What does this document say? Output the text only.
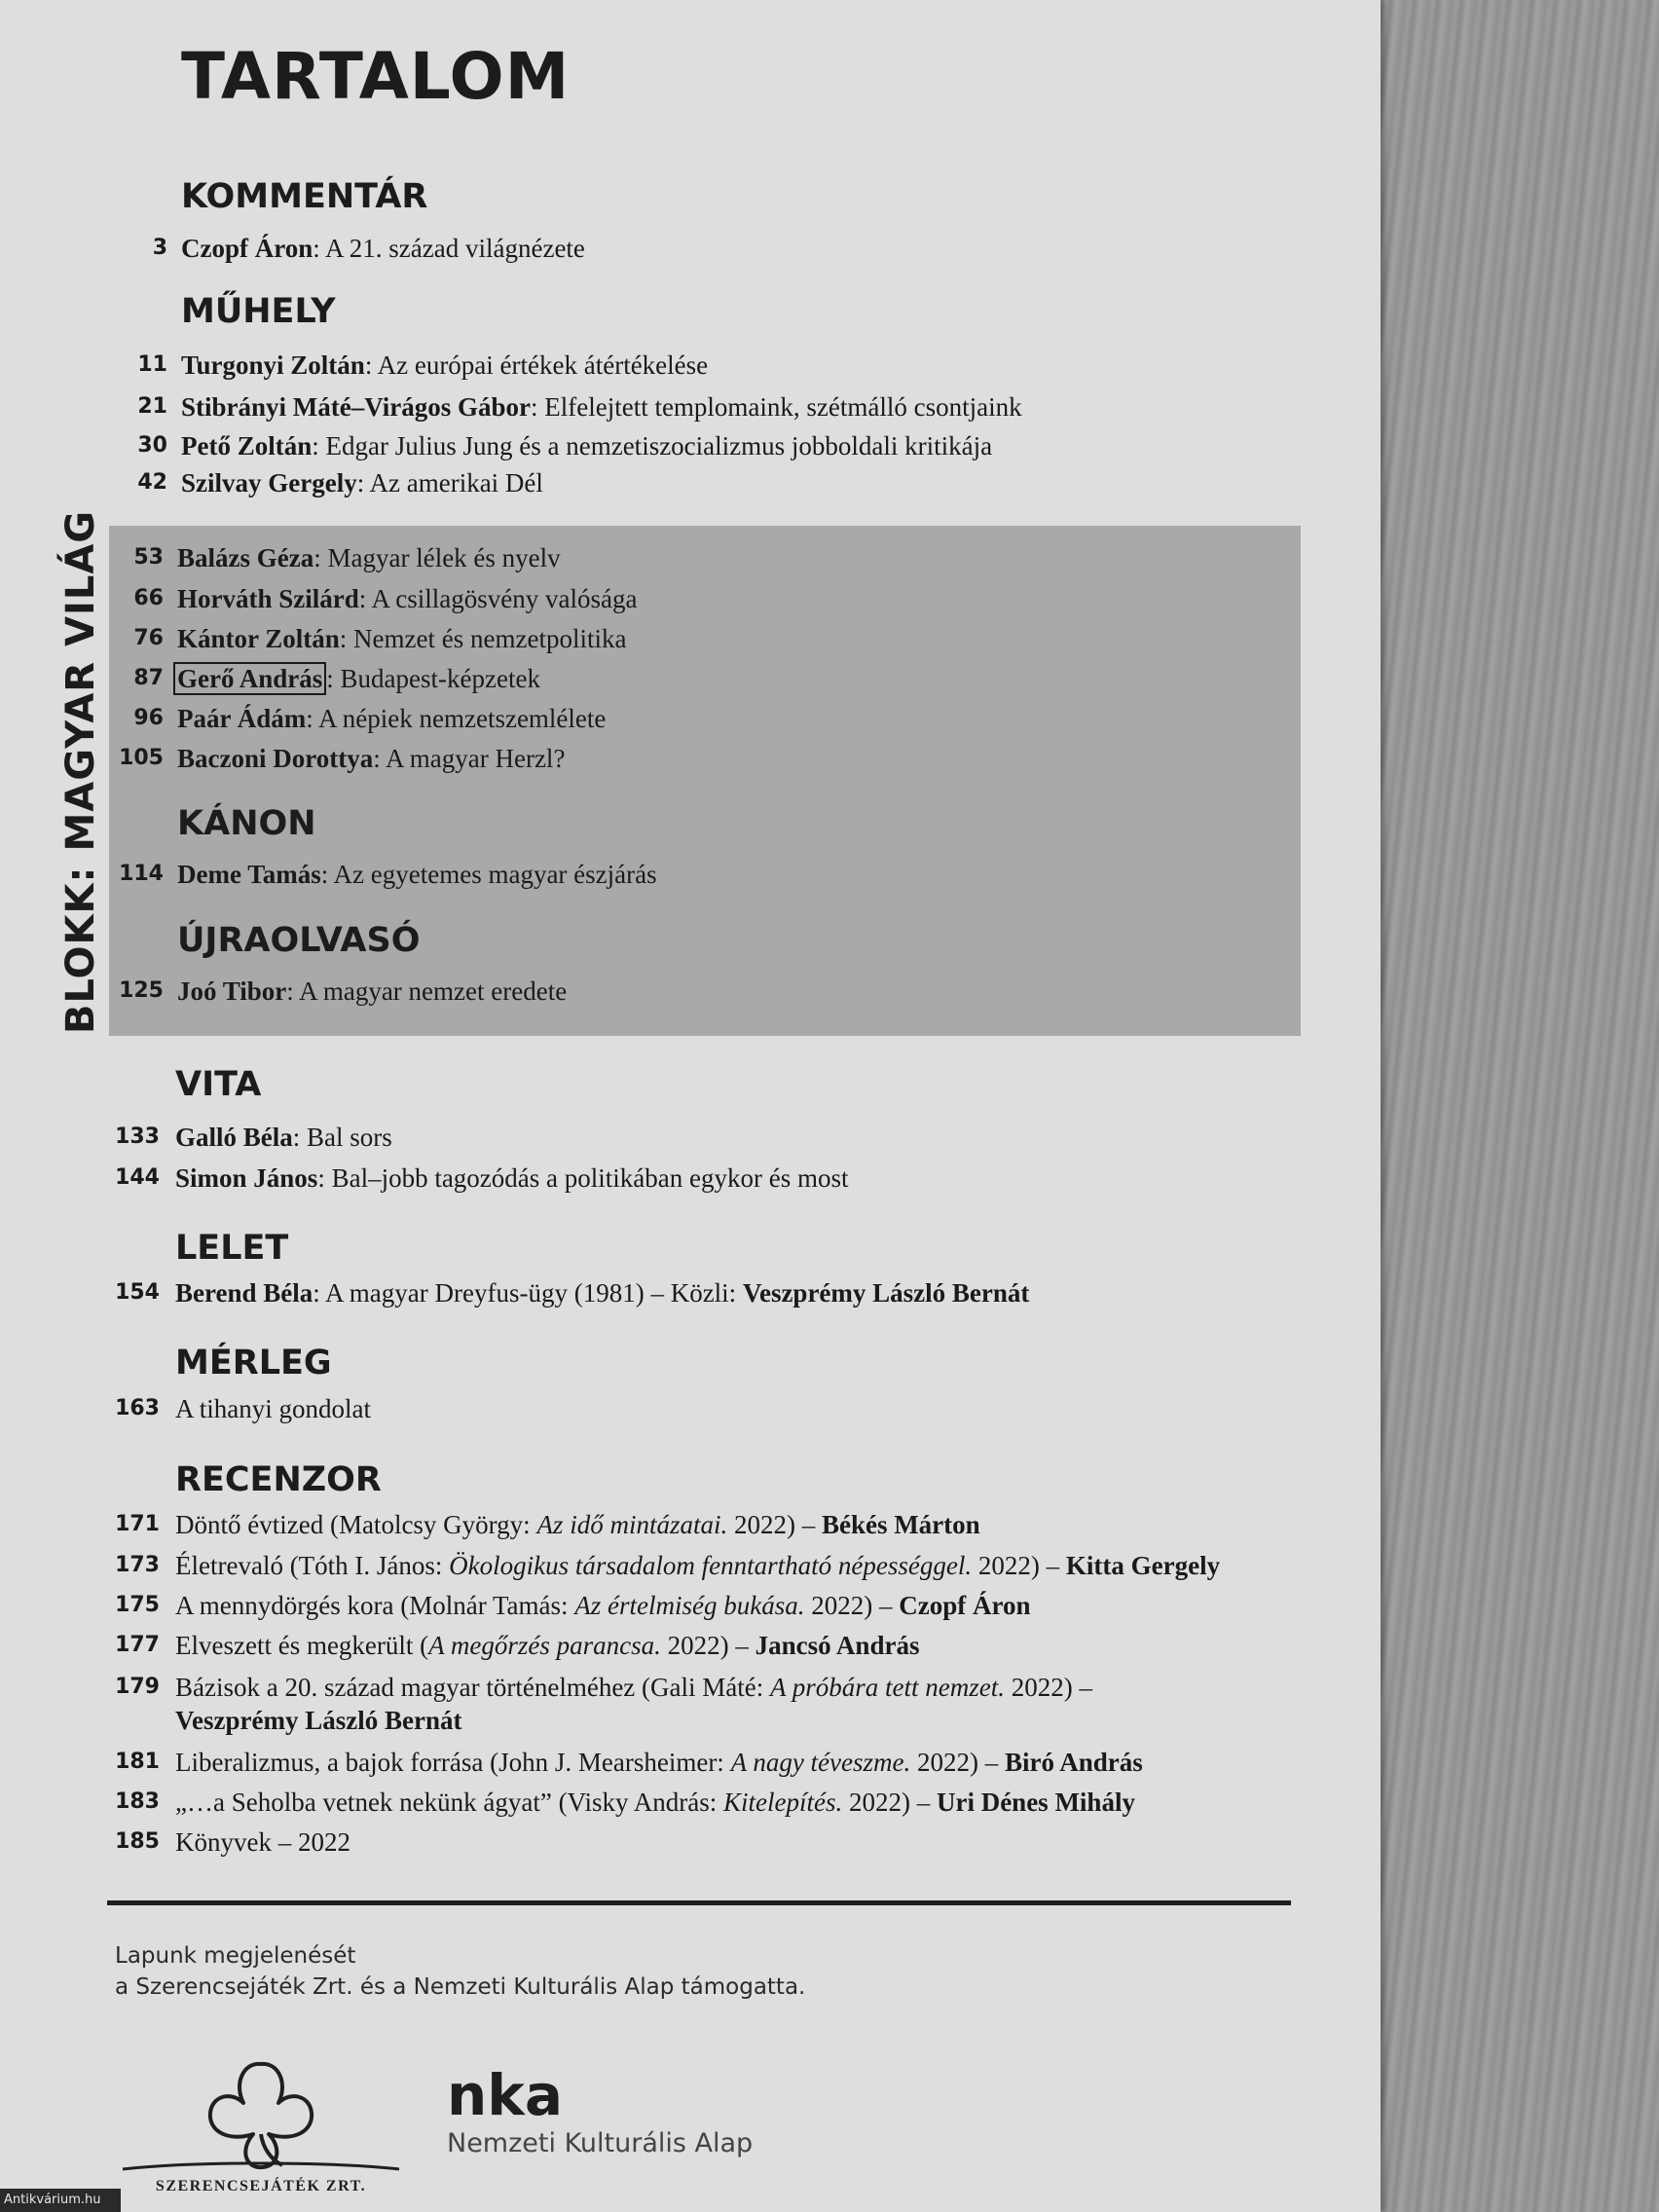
TARTALOM
KOMMENTÁR
3 Czopf Áron: A 21. század világnézete
MŰHELY
11 Turgonyi Zoltán: Az európai értékek átértékelése
21 Stibrányi Máté–Virágos Gábor: Elfelejtett templomaink, szétmálló csontjaink
30 Pető Zoltán: Edgar Julius Jung és a nemzetiszocializmus jobboldali kritikája
42 Szilvay Gergely: Az amerikai Dél
BLOKK: MAGYAR VILÁG	53 Balázs Géza: Magyar lélek és nyelv
66 Horváth Szilárd: A csillagösvény valósága
76 Kántor Zoltán: Nemzet és nemzetpolitika
87 Gerő András : Budapest-képzetek
96 Paár Ádám: A népiek nemzetszemlélete
105 Baczoni Dorottya: A magyar Herzl?
KÁNON
114 Deme Tamás: Az egyetemes magyar észjárás
ÚJRAOLVASÓ
125 Joó Tibor: A magyar nemzet eredete
VITA
133 Galló Béla: Bal sors
144 Simon János: Bal–jobb tagozódás a politikában egykor és most
LELET
154 Berend Béla: A magyar Dreyfus-ügy (1981) – Közli: Veszprémy László Bernát
MÉRLEG
163 A tihanyi gondolat
RECENZOR
171 Döntő évtized (Matolcsy György: Az idő mintázatai. 2022) – Békés Márton
173 Életrevaló (Tóth I. János: Ökologikus társadalom fenntartható népességgel. 2022) – Kitta Gergely
175 A mennydörgés kora (Molnár Tamás: Az értelmiség bukása. 2022) – Czopf Áron
177 Elveszett és megkerült (A megőrzés parancsa. 2022) – Jancsó András
179 Bázisok a 20. század magyar történelméhez (Gali Máté: A próbára tett nemzet. 2022) –
Veszprémy László Bernát
181 Liberalizmus, a bajok forrása (John J. Mearsheimer: A nagy téveszme. 2022) – Biró András
183 „…a Seholba vetnek nekünk ágyat” (Visky András: Kitelepítés. 2022) – Uri Dénes Mihály
185 Könyvek – 2022
Lapunk megjelenését
a Szerencsejáték Zrt. és a Nemzeti Kulturális Alap támogatta.
SZERENCSEJÁTÉK ZRT.
nka
Nemzeti Kulturális Alap
Antikvárium.hu
